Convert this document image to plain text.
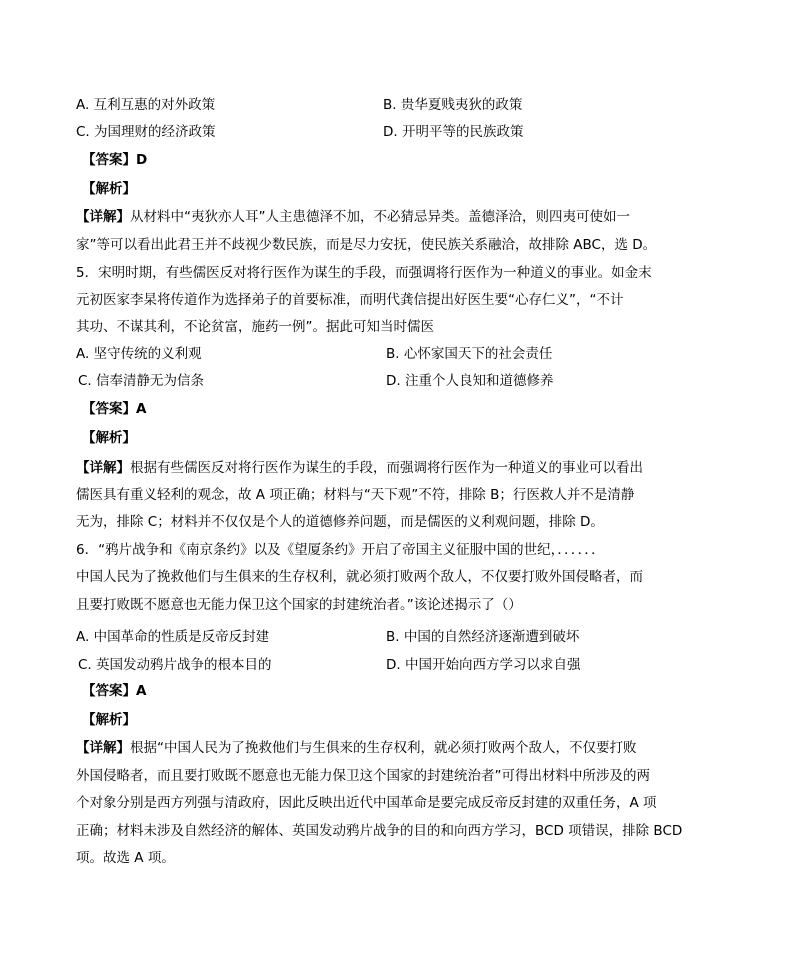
A. 互利互惠的对外政策	B. 贵华夏贱夷狄的政策
C. 为国理财的经济政策	D. 开明平等的民族政策
【答案】D
【解析】
【详解】从材料中“夷狄亦人耳”人主患德泽不加，不必猜忌异类。盖德泽洽，则四夷可使如一
家”等可以看出此君王并不歧视少数民族，而是尽力安抚，使民族关系融洽，故排除 ABC，选 D。
5．宋明时期，有些儒医反对将行医作为谋生的手段，而强调将行医作为一种道义的事业。如金末
元初医家李杲将传道作为选择弟子的首要标准，而明代龚信提出好医生要“心存仁义”，“不计
其功、不谋其利，不论贫富，施药一例”。据此可知当时儒医
A. 坚守传统的义利观	B. 心怀家国天下的社会责任
C. 信奉清静无为信条	D. 注重个人良知和道德修养
【答案】A
【解析】
【详解】根据有些儒医反对将行医作为谋生的手段，而强调将行医作为一种道义的事业可以看出
儒医具有重义轻利的观念，故 A 项正确；材料与“天下观”不符，排除 B；行医救人并不是清静
无为，排除 C；材料并不仅仅是个人的道德修养问题，而是儒医的义利观问题，排除 D。
6．“鸦片战争和《南京条约》以及《望厦条约》开启了帝国主义征服中国的世纪，．．．．．．
中国人民为了挽救他们与生俱来的生存权利，就必须打败两个敌人，不仅要打败外国侵略者，而
且要打败既不愿意也无能力保卫这个国家的封建统治者。”该论述揭示了（）
A. 中国革命的性质是反帝反封建	B. 中国的自然经济逐渐遭到破坏
C. 英国发动鸦片战争的根本目的	D. 中国开始向西方学习以求自强
【答案】A
【解析】
【详解】根据“中国人民为了挽救他们与生俱来的生存权利，就必须打败两个敌人，不仅要打败
外国侵略者，而且要打败既不愿意也无能力保卫这个国家的封建统治者”可得出材料中所涉及的两
个对象分别是西方列强与清政府，因此反映出近代中国革命是要完成反帝反封建的双重任务，A 项
正确；材料未涉及自然经济的解体、英国发动鸦片战争的目的和向西方学习，BCD 项错误，排除 BCD
项。故选 A 项。
